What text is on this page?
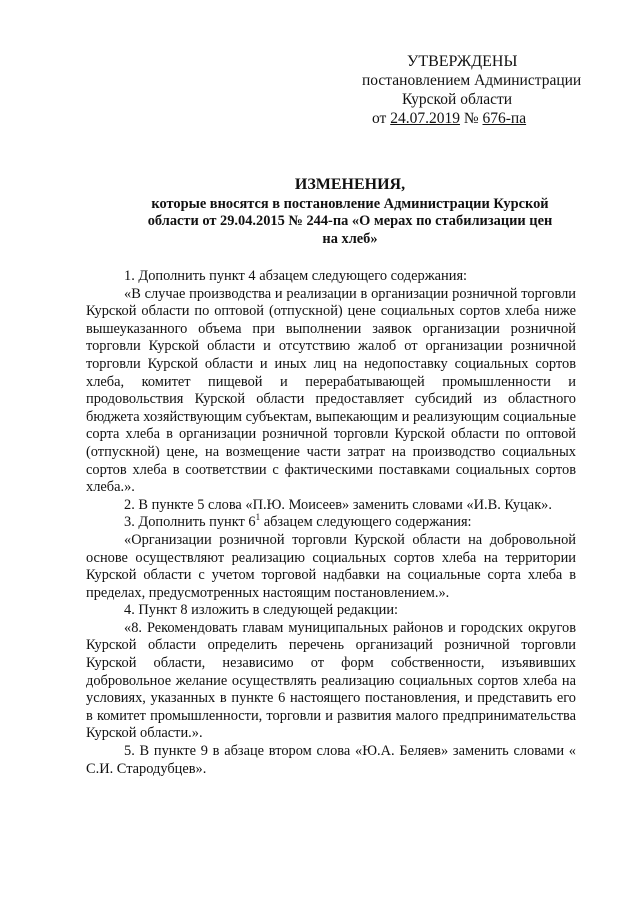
УТВЕРЖДЕНЫ
постановлением Администрации
Курской области
от 24.07.2019 № 676-па
ИЗМЕНЕНИЯ,
которые вносятся в постановление Администрации Курской области от 29.04.2015 № 244-па «О мерах по стабилизации цен на хлеб»

1. Дополнить пункт 4 абзацем следующего содержания:

«В случае производства и реализации в организации розничной торговли Курской области по оптовой (отпускной) цене социальных сортов хлеба ниже вышеуказанного объема при выполнении заявок организации розничной торговли Курской области и отсутствию жалоб от организации розничной торговли Курской области и иных лиц на недопоставку социальных сортов хлеба, комитет пищевой и перерабатывающей промышленности и продовольствия Курской области предоставляет субсидий из областного бюджета хозяйствующим субъектам, выпекающим и реализующим социальные сорта хлеба в организации розничной торговли Курской области по оптовой (отпускной) цене, на возмещение части затрат на производство социальных сортов хлеба в соответствии с фактическими поставками социальных сортов хлеба.».

2. В пункте 5 слова «П.Ю. Моисеев» заменить словами «И.В. Куцак».

3. Дополнить пункт $6^1$ абзацем следующего содержания:

«Организации розничной торговли Курской области на добровольной основе осуществляют реализацию социальных сортов хлеба на территории Курской области с учетом торговой надбавки на социальные сорта хлеба в пределах, предусмотренных настоящим постановлением.».

4. Пункт 8 изложить в следующей редакции:

«8. Рекомендовать главам муниципальных районов и городских округов Курской области определить перечень организаций розничной торговли Курской области, независимо от форм собственности, изъявивших добровольное желание осуществлять реализацию социальных сортов хлеба на условиях, указанных в пункте 6 настоящего постановления, и представить его в комитет промышленности, торговли и развития малого предпринимательства Курской области.».

5. В пункте 9 в абзаце втором слова «Ю.А. Беляев» заменить словами « С.И. Стародубцев».
